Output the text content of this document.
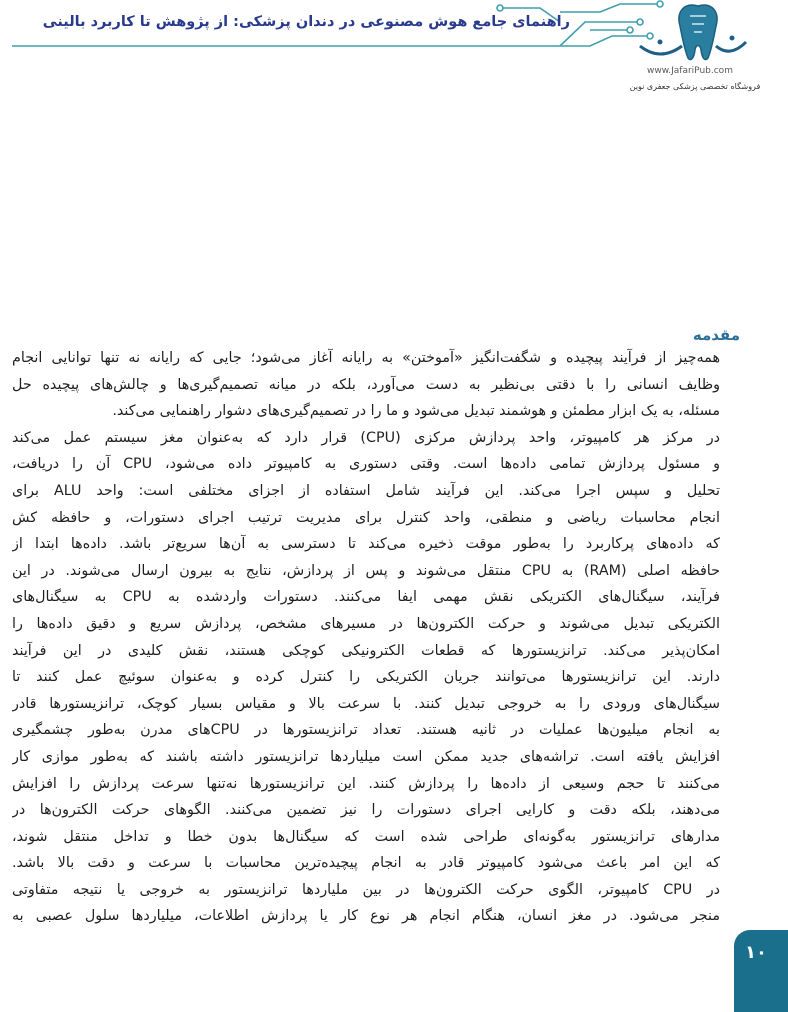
راهنمای جامع هوش مصنوعی در دندان پزشکی: از پژوهش تا کاربرد بالینی
www.JafariPub.com
فروشگاه تخصصی پزشکی جعفری نوین
مقدمه
همه‌چیز از فرآیند پیچیده و شگفت‌انگیز «آموختن» به رایانه آغاز می‌شود؛ جایی که رایانه نه تنها توانایی انجام
وظایف انسانی را با دقتی بی‌نظیر به دست می‌آورد، بلکه در میانه تصمیم‌گیری‌ها و چالش‌های پیچیده حل
مسئله، به یک ابزار مطمئن و هوشمند تبدیل می‌شود و ما را در تصمیم‌گیری‌های دشوار راهنمایی می‌کند.
در مرکز هر کامپیوتر، واحد پردازش مرکزی (CPU) قرار دارد که به‌عنوان مغز سیستم عمل می‌کند
و مسئول پردازش تمامی داده‌ها است. وقتی دستوری به کامپیوتر داده می‌شود، CPU آن را دریافت،
تحلیل و سپس اجرا می‌کند. این فرآیند شامل استفاده از اجزای مختلفی است: واحد ALU برای
انجام محاسبات ریاضی و منطقی، واحد کنترل برای مدیریت ترتیب اجرای دستورات، و حافظه کش
که داده‌های پرکاربرد را به‌طور موقت ذخیره می‌کند تا دسترسی به آن‌ها سریع‌تر باشد. داده‌ها ابتدا از
حافظه اصلی (RAM) به CPU منتقل می‌شوند و پس از پردازش، نتایج به بیرون ارسال می‌شوند. در این
فرآیند، سیگنال‌های الکتریکی نقش مهمی ایفا می‌کنند. دستورات واردشده به CPU به سیگنال‌های
الکتریکی تبدیل می‌شوند و حرکت الکترون‌ها در مسیرهای مشخص، پردازش سریع و دقیق داده‌ها را
امکان‌پذیر می‌کند. ترانزیستورها که قطعات الکترونیکی کوچکی هستند، نقش کلیدی در این فرآیند
دارند. این ترانزیستورها می‌توانند جریان الکتریکی را کنترل کرده و به‌عنوان سوئیچ عمل کنند تا
سیگنال‌های ورودی را به خروجی تبدیل کنند. با سرعت بالا و مقیاس بسیار کوچک، ترانزیستورها قادر
به انجام میلیون‌ها عملیات در ثانیه هستند. تعداد ترانزیستورها در CPUهای مدرن به‌طور چشمگیری
افزایش یافته است. تراشه‌های جدید ممکن است میلیاردها ترانزیستور داشته باشند که به‌طور موازی کار
می‌کنند تا حجم وسیعی از داده‌ها را پردازش کنند. این ترانزیستورها نه‌تنها سرعت پردازش را افزایش
می‌دهند، بلکه دقت و کارایی اجرای دستورات را نیز تضمین می‌کنند. الگوهای حرکت الکترون‌ها در
مدارهای ترانزیستور به‌گونه‌ای طراحی شده است که سیگنال‌ها بدون خطا و تداخل منتقل شوند،
که این امر باعث می‌شود کامپیوتر قادر به انجام پیچیده‌ترین محاسبات با سرعت و دقت بالا باشد.
در CPU کامپیوتر، الگوی حرکت الکترون‌ها در بین ملیاردها ترانزیستور به خروجی یا نتیجه متفاوتی
منجر می‌شود. در مغز انسان، هنگام انجام هر نوع کار یا پردازش اطلاعات، میلیاردها سلول عصبی به
۱۰
